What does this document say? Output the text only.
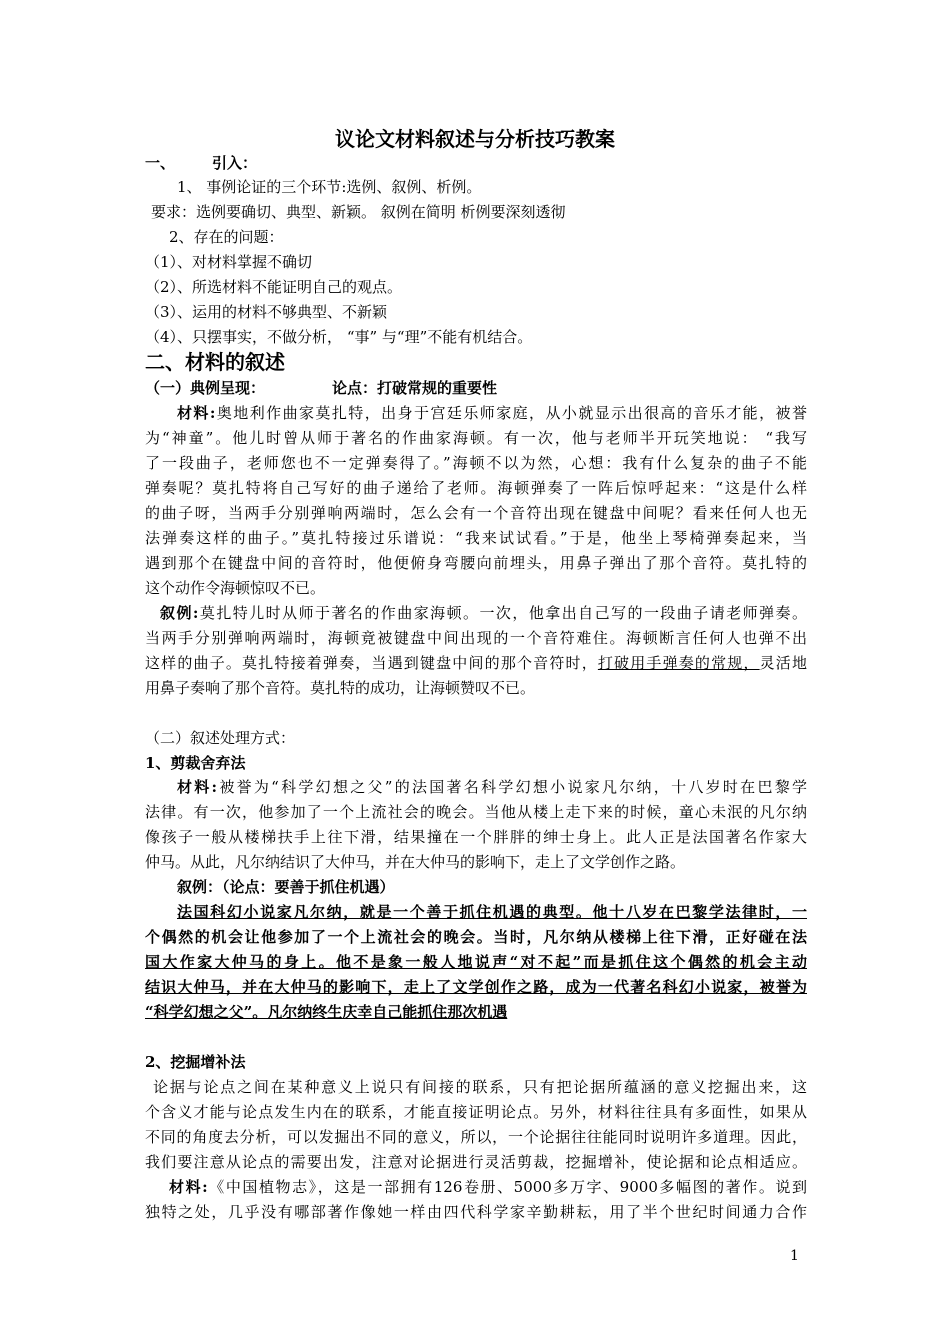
议论文材料叙述与分析技巧教案
一、 引入：
1、 事例论证的三个环节:选例、叙例、析例。
要求：选例要确切、典型、新颖。 叙例在简明 析例要深刻透彻
2、存在的问题：
（1）、对材料掌握不确切
（2）、所选材料不能证明自己的观点。
（3）、运用的材料不够典型、不新颖
（4）、只摆事实，不做分析， “事” 与“理”不能有机结合。
二、材料的叙述
（一）典例呈现：	论点：打破常规的重要性
材料:奥地利作曲家莫扎特，出身于宫廷乐师家庭，从小就显示出很高的音乐才能，被誉
为“神童”。他儿时曾从师于著名的作曲家海顿。有一次，他与老师半开玩笑地说： “我写
了一段曲子，老师您也不一定弹奏得了。”海顿不以为然，心想：我有什么复杂的曲子不能
弹奏呢？莫扎特将自己写好的曲子递给了老师。海顿弹奏了一阵后惊呼起来：“这是什么样
的曲子呀，当两手分别弹响两端时，怎么会有一个音符出现在键盘中间呢？看来任何人也无
法弹奏这样的曲子。”莫扎特接过乐谱说：“我来试试看。”于是，他坐上琴椅弹奏起来，当
遇到那个在键盘中间的音符时，他便俯身弯腰向前埋头，用鼻子弹出了那个音符。莫扎特的
这个动作令海顿惊叹不已。
叙例:莫扎特儿时从师于著名的作曲家海顿。一次，他拿出自己写的一段曲子请老师弹奏。
当两手分别弹响两端时，海顿竟被键盘中间出现的一个音符难住。海顿断言任何人也弹不出
这样的曲子。莫扎特接着弹奏，当遇到键盘中间的那个音符时，打破用手弹奏的常规，灵活地
用鼻子奏响了那个音符。莫扎特的成功，让海顿赞叹不已。
（二）叙述处理方式：
1、剪裁舍弃法
材料:被誉为“科学幻想之父”的法国著名科学幻想小说家凡尔纳，十八岁时在巴黎学
法律。有一次，他参加了一个上流社会的晚会。当他从楼上走下来的时候，童心未泯的凡尔纳
像孩子一般从楼梯扶手上往下滑，结果撞在一个胖胖的绅士身上。此人正是法国著名作家大
仲马。从此，凡尔纳结识了大仲马，并在大仲马的影响下，走上了文学创作之路。
叙例：（论点：要善于抓住机遇）
法国科幻小说家凡尔纳，就是一个善于抓住机遇的典型。他十八岁在巴黎学法律时，一
个偶然的机会让他参加了一个上流社会的晚会。当时，凡尔纳从楼梯上往下滑，正好碰在法
国大作家大仲马的身上。他不是象一般人地说声“对不起”而是抓住这个偶然的机会主动
结识大仲马，并在大仲马的影响下，走上了文学创作之路，成为一代著名科幻小说家，被誉为
“科学幻想之父”。凡尔纳终生庆幸自己能抓住那次机遇
2、挖掘增补法
论据与论点之间在某种意义上说只有间接的联系，只有把论据所蕴涵的意义挖掘出来，这
个含义才能与论点发生内在的联系，才能直接证明论点。另外，材料往往具有多面性，如果从
不同的角度去分析，可以发掘出不同的意义，所以，一个论据往往能同时说明许多道理。因此，
我们要注意从论点的需要出发，注意对论据进行灵活剪裁，挖掘增补，使论据和论点相适应。
材料:《中国植物志》，这是一部拥有126卷册、5000多万字、9000多幅图的著作。说到
独特之处，几乎没有哪部著作像她一样由四代科学家辛勤耕耘，用了半个世纪时间通力合作
1
